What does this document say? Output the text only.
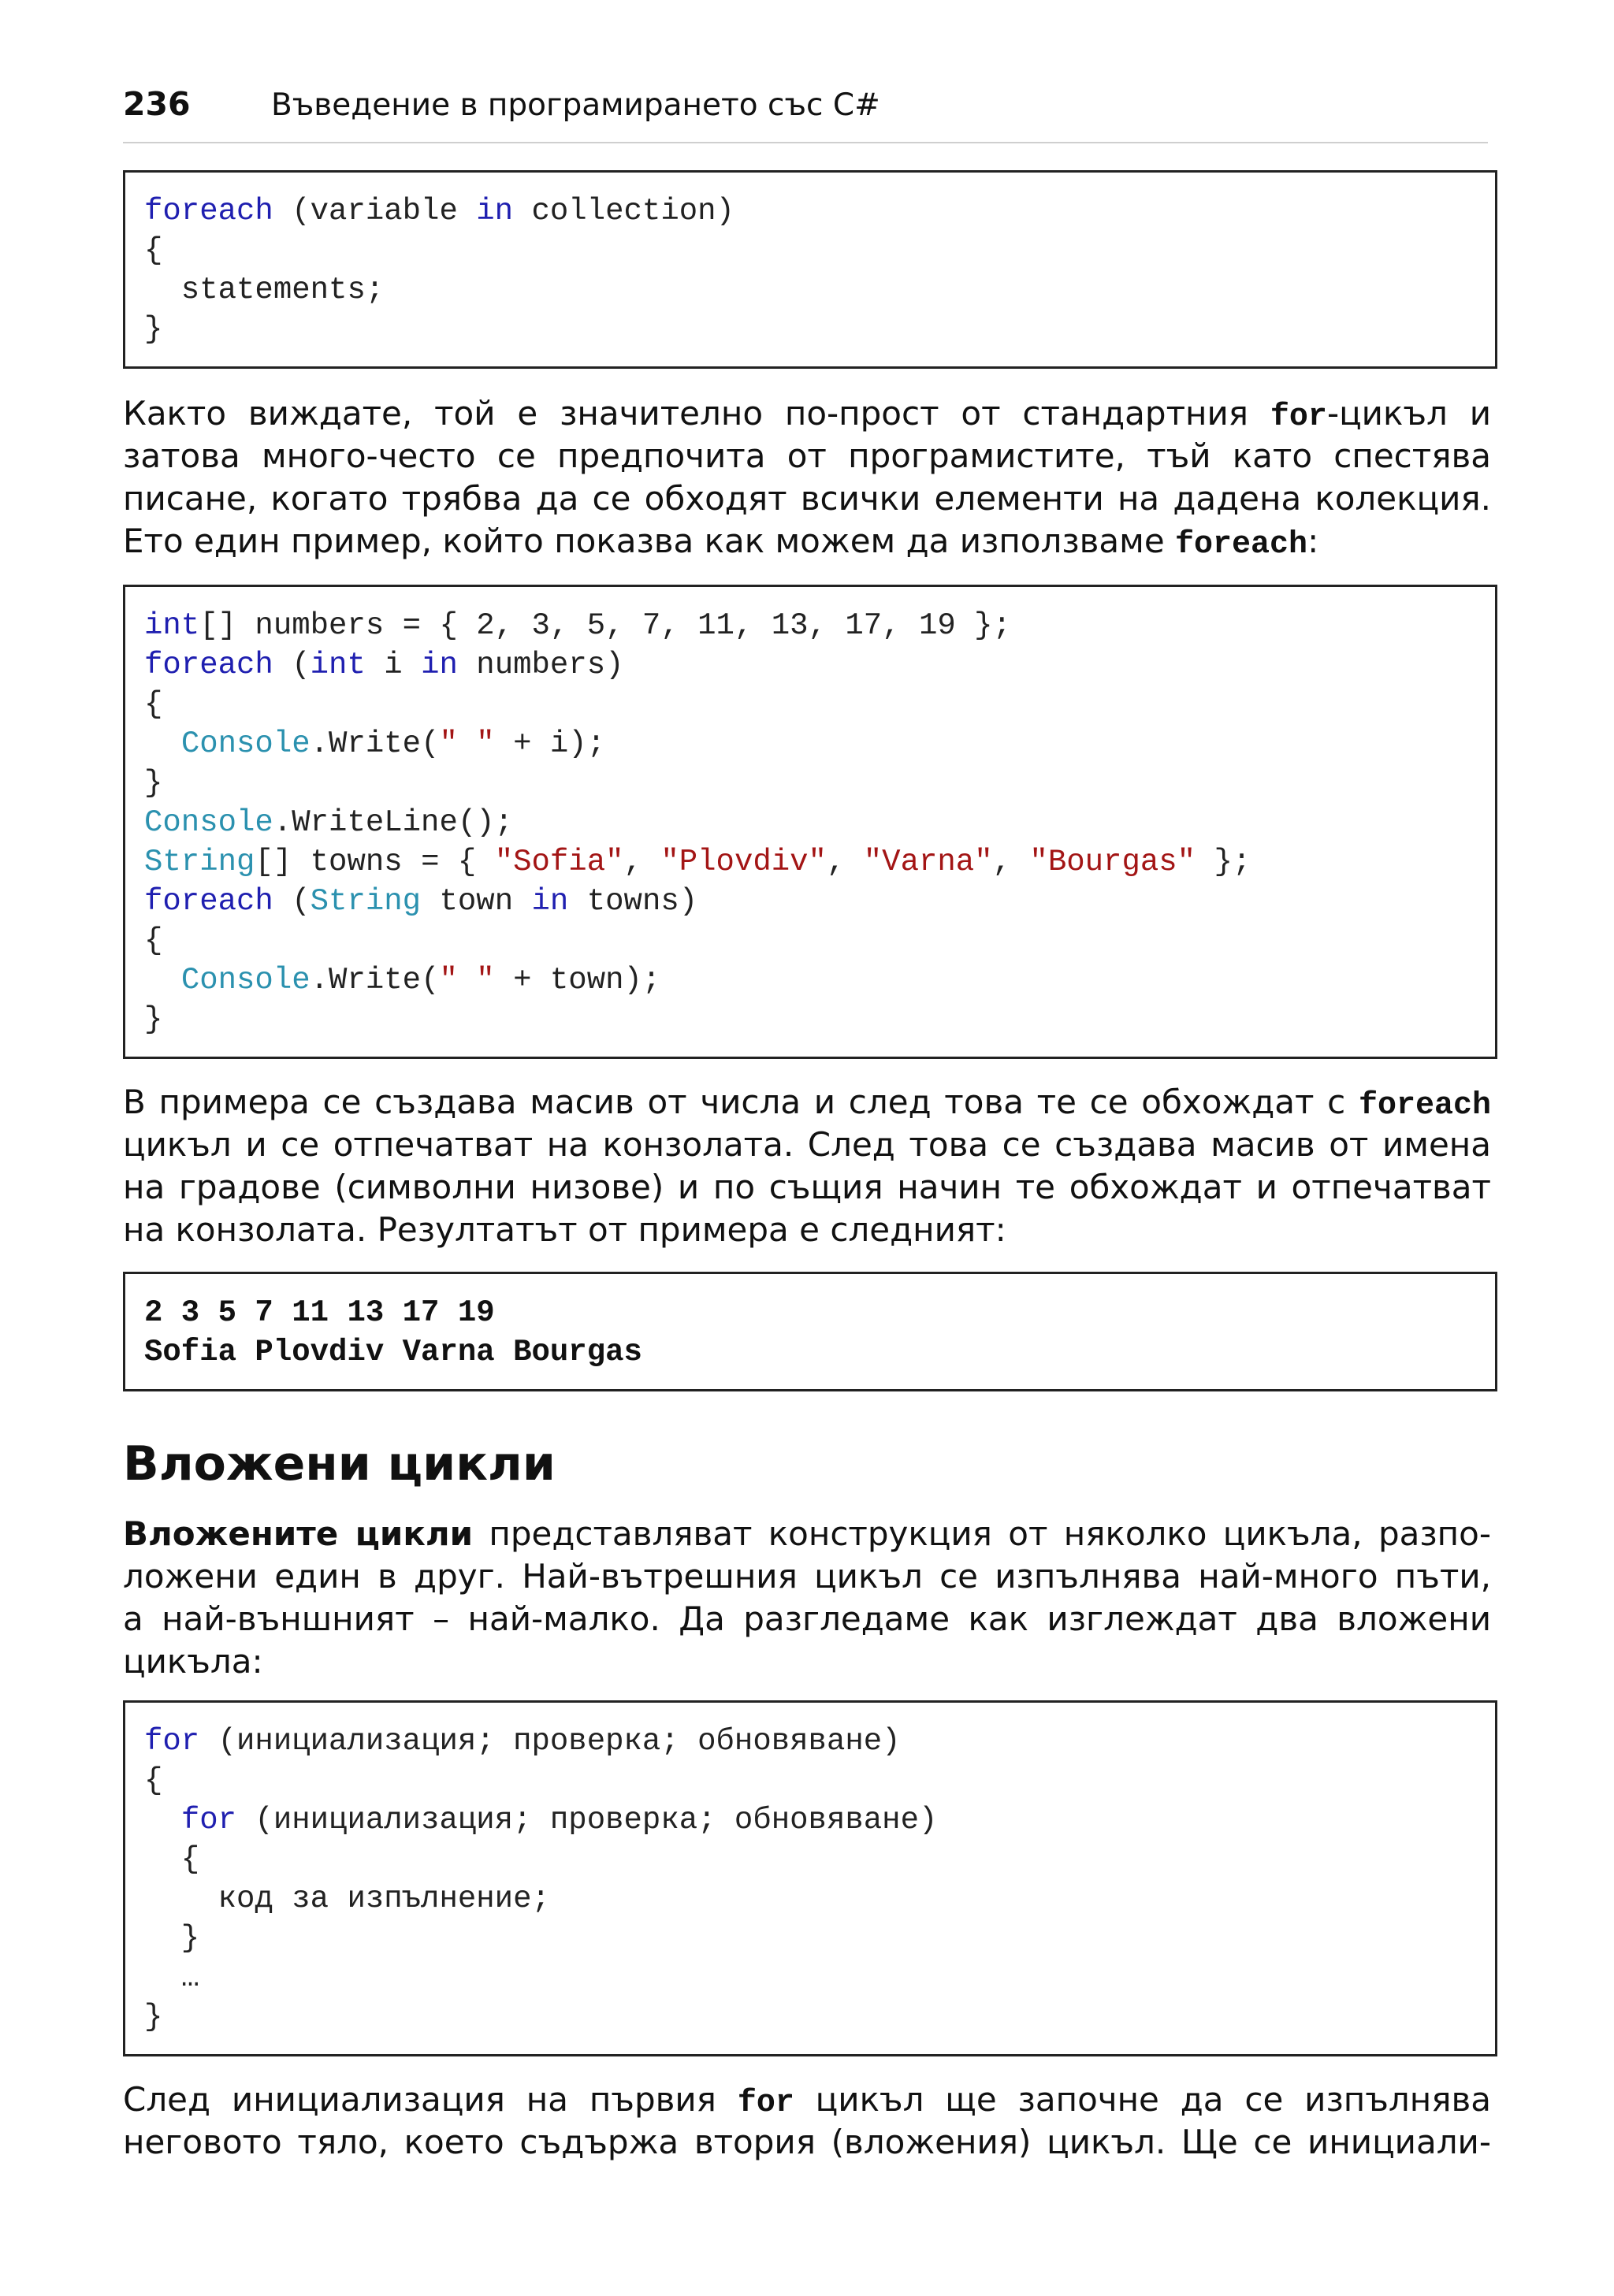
236	Въведение в програмирането със C#
foreach (variable in collection)
{
statements;
}
Както виждате, той е значително по-прост от стандартния for-цикъл и
затова много-често се предпочита от програмистите, тъй като спестява
писане, когато трябва да се обходят всички елементи на дадена колекция.
Ето един пример, който показва как можем да използваме foreach:
int[] numbers = { 2, 3, 5, 7, 11, 13, 17, 19 };
foreach (int i in numbers)
{
Console.Write(" " + i);
}
Console.WriteLine();
String[] towns = { "Sofia", "Plovdiv", "Varna", "Bourgas" };
foreach (String town in towns)
{
Console.Write(" " + town);
}
В примера се създава масив от числа и след това те се обхождат с foreach
цикъл и се отпечатват на конзолата. След това се създава масив от имена
на градове (символни низове) и по същия начин те обхождат и отпечатват
на конзолата. Резултатът от примера е следният:
2 3 5 7 11 13 17 19
Sofia Plovdiv Varna Bourgas
Вложени цикли
Вложените цикли представляват конструкция от няколко цикъла, разпо-
ложени един в друг. Най-вътрешния цикъл се изпълнява най-много пъти,
а най-външният – най-малко. Да разгледаме как изглеждат два вложени
цикъла:
for (инициализация; проверка; обновяване)
{
for (инициализация; проверка; обновяване)
{
код за изпълнение;
}
…
}
След инициализация на първия for цикъл ще започне да се изпълнява
неговото тяло, което съдържа втория (вложения) цикъл. Ще се инициали-
